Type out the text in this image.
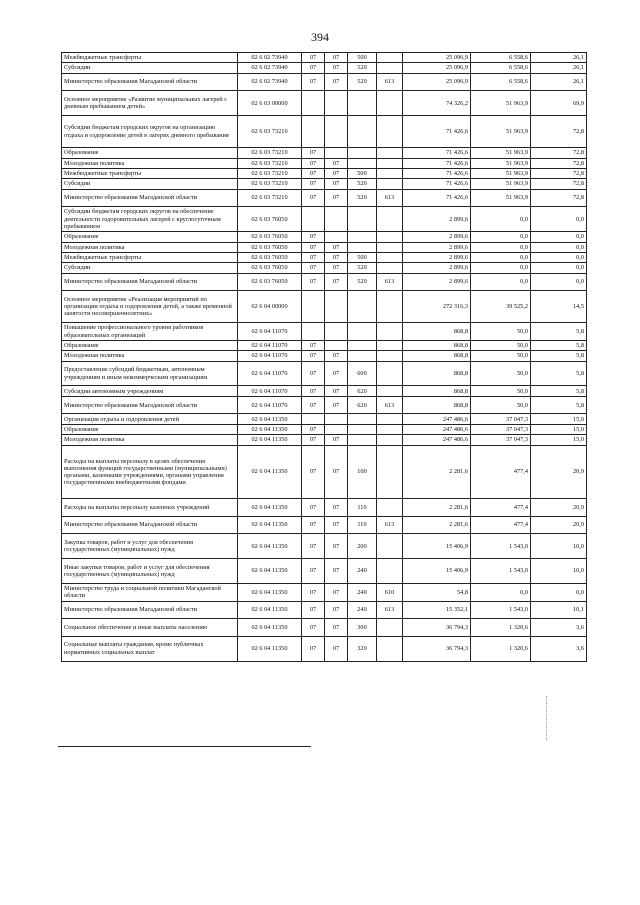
394
Межбюджетные трансферты	02 6 02 73940	07	07	500		25 096,9	6 558,6	26,1
Субсидии	02 6 02 73940	07	07	520		25 096,9	6 558,6	26,1
Министерство образования Магаданской области	02 6 02 73940	07	07	520	613	25 096,9	6 558,6	26,1
Основное мероприятие «Развитие муниципальных лагерей с дневным пребыванием детей»	02 6 03 00000					74 326,2	51 963,9	69,9
Субсидии бюджетам городских округов на организацию отдыха и оздоровление детей в лагерях дневного пребывания	02 6 03 73210					71 426,6	51 963,9	72,8
Образование	02 6 03 73210	07				71 426,6	51 963,9	72,8
Молодежная политика	02 6 03 73210	07	07			71 426,6	51 963,9	72,8
Межбюджетные трансферты	02 6 03 73210	07	07	500		71 426,6	51 963,9	72,8
Субсидии	02 6 03 73210	07	07	520		71 426,6	51 963,9	72,8
Министерство образования Магаданской области	02 6 03 73210	07	07	520	613	71 426,6	51 963,9	72,8
Субсидии бюджетам городских округов на обеспечение деятельности оздоровительных лагерей с круглосуточным пребыванием	02 6 03 76050					2 899,6	0,0	0,0
Образование	02 6 03 76050	07				2 899,6	0,0	0,0
Молодежная политика	02 6 03 76050	07	07			2 899,6	0,0	0,0
Межбюджетные трансферты	02 6 03 76050	07	07	500		2 899,6	0,0	0,0
Субсидии	02 6 03 76050	07	07	520		2 899,6	0,0	0,0
Министерство образования Магаданской области	02 6 03 76050	07	07	520	613	2 899,6	0,0	0,0
Основное мероприятие «Реализация мероприятий по организации отдыха и оздоровления детей, а также временной занятости несовершеннолетних»	02 6 04 00000					272 316,3	39 525,2	14,5
Повышение профессионального уровня работников образовательных организаций	02 6 04 11070					868,8	50,0	5,8
Образование	02 6 04 11070	07				868,8	50,0	5,8
Молодежная политика	02 6 04 11070	07	07			868,8	50,0	5,8
Предоставление субсидий бюджетным, автономным учреждениям и иным некоммерческим организациям	02 6 04 11070	07	07	600		868,8	50,0	5,8
Субсидии автономным учреждениям	02 6 04 11070	07	07	620		868,8	50,0	5,8
Министерство образования Магаданской области	02 6 04 11070	07	07	620	613	868,8	50,0	5,8
Организация отдыха и оздоровления детей	02 6 04 11350					247 486,6	37 047,3	15,0
Образование	02 6 04 11350	07				247 486,6	37 047,3	15,0
Молодежная политика	02 6 04 11350	07	07			247 486,6	37 047,3	15,0
Расходы на выплаты персоналу в целях обеспечения выполнения функций государственными (муниципальными) органами, казенными учреждениями, органами управления государственными внебюджетными фондами	02 6 04 11350	07	07	100		2 281,6	477,4	20,9
Расходы на выплаты персоналу казенных учреждений	02 6 04 11350	07	07	110		2 281,6	477,4	20,9
Министерство образования Магаданской области	02 6 04 11350	07	07	110	613	2 281,6	477,4	20,9
Закупка товаров, работ и услуг для обеспечения государственных (муниципальных) нужд	02 6 04 11350	07	07	200		15 406,9	1 543,0	10,0
Иные закупки товаров, работ и услуг для обеспечения государственных (муниципальных) нужд	02 6 04 11350	07	07	240		15 406,9	1 543,0	10,0
Министерство труда и социальной политики Магаданской области	02 6 04 11350	07	07	240	610	54,8	0,0	0,0
Министерство образования Магаданской области	02 6 04 11350	07	07	240	613	15 352,1	1 543,0	10,1
Социальное обеспечение и иные выплаты населению	02 6 04 11350	07	07	300		36 794,3	1 320,6	3,6
Социальные выплаты гражданам, кроме публичных нормативных социальных выплат	02 6 04 11350	07	07	320		36 794,3	1 320,6	3,6
